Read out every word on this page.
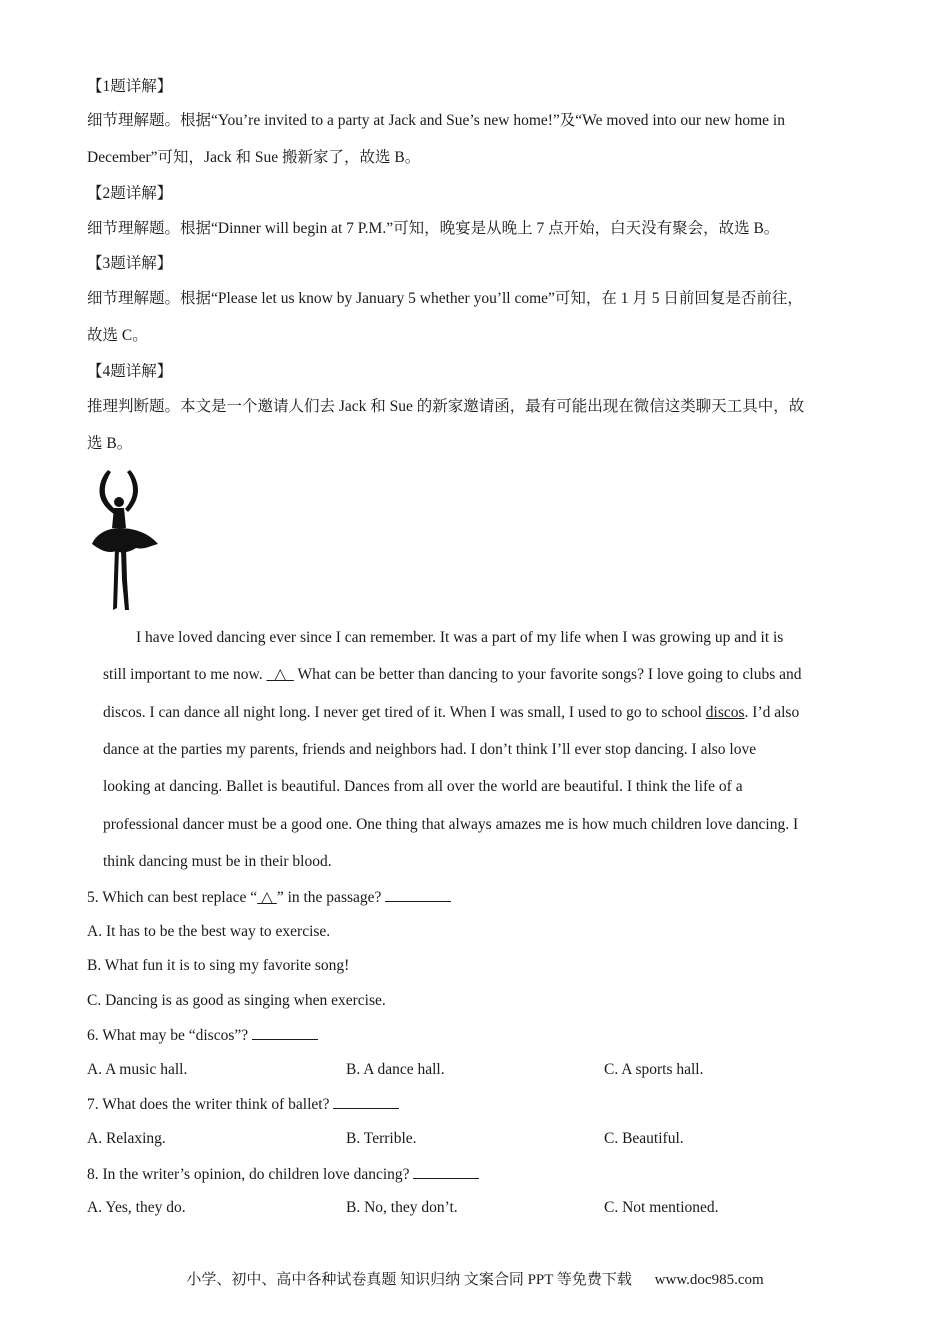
【1题详解】
细节理解题。根据“You’re invited to a party at Jack and Sue’s new home!”及“We moved into our new home in
December”可知，Jack 和 Sue 搬新家了，故选 B。
【2题详解】
细节理解题。根据“Dinner will begin at 7 P.M.”可知，晚宴是从晚上 7 点开始，白天没有聚会，故选 B。
【3题详解】
细节理解题。根据“Please let us know by January 5 whether you’ll come”可知，在 1 月 5 日前回复是否前往，
故选 C。
【4题详解】
推理判断题。本文是一个邀请人们去 Jack 和 Sue 的新家邀请函，最有可能出现在微信这类聊天工具中，故
选 B。
I have loved dancing ever since I can remember. It was a part of my life when I was growing up and it is
still important to me now.   △   What can be better than dancing to your favorite songs? I love going to clubs and
discos. I can dance all night long. I never get tired of it. When I was small, I used to go to school discos. I’d also
dance at the parties my parents, friends and neighbors had. I don’t think I’ll ever stop dancing. I also love
looking at dancing. Ballet is beautiful. Dances from all over the world are beautiful. I think the life of a
professional dancer must be a good one. One thing that always amazes me is how much children love dancing. I
think dancing must be in their blood.
5. Which can best replace “ △ ” in the passage?
A. It has to be the best way to exercise.
B. What fun it is to sing my favorite song!
C. Dancing is as good as singing when exercise.
6. What may be “discos”?
A. A music hall.	B. A dance hall.	C. A sports hall.
7. What does the writer think of ballet?
A. Relaxing.	B. Terrible.	C. Beautiful.
8. In the writer’s opinion, do children love dancing?
A. Yes, they do.	B. No, they don’t.	C. Not mentioned.
小学、初中、高中各种试卷真题 知识归纳 文案合同 PPT 等免费下载 www.doc985.com
